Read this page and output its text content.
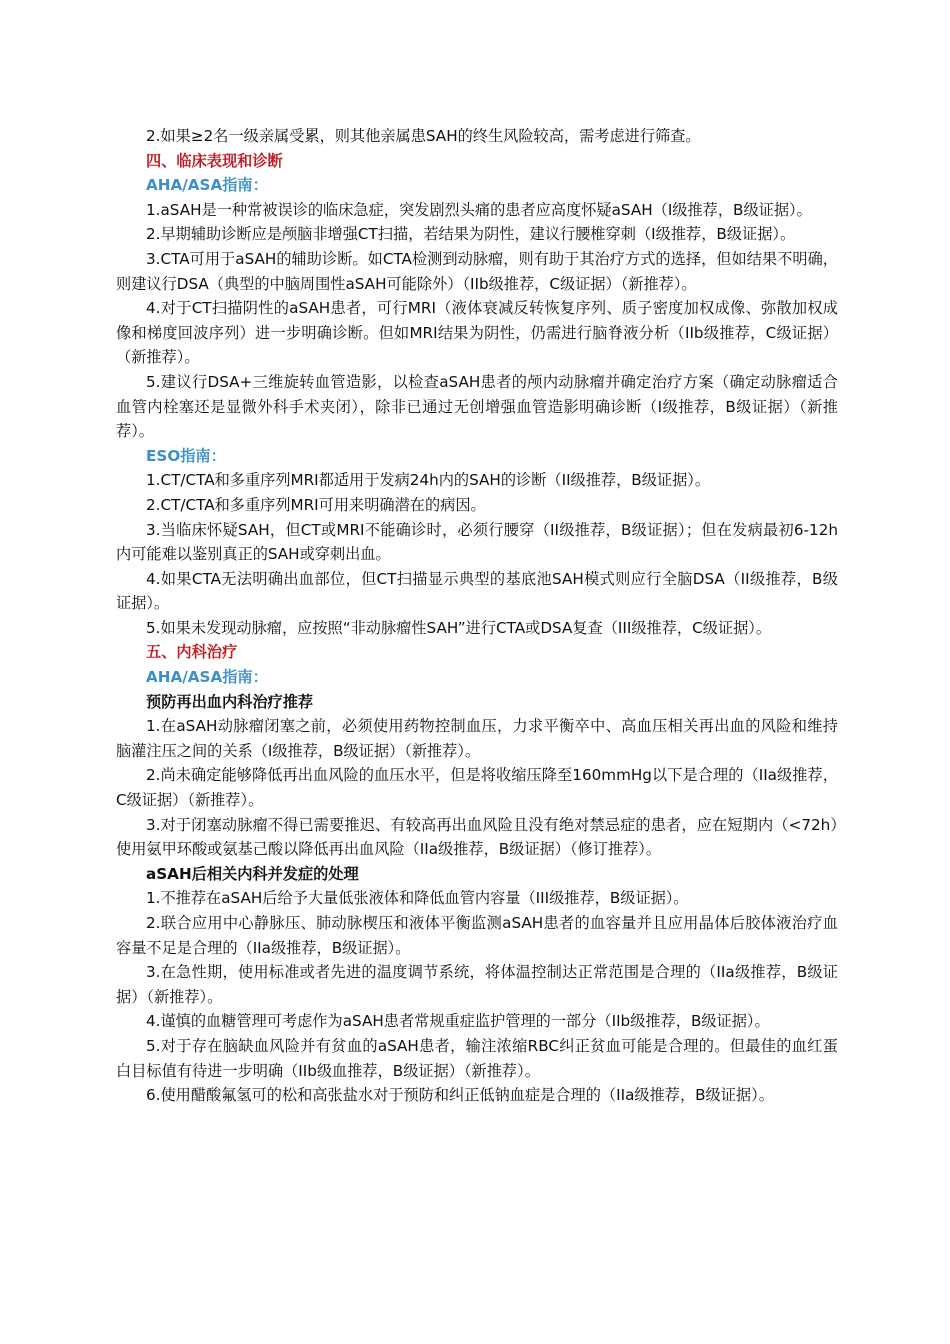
2.如果≥2名一级亲属受累，则其他亲属患SAH的终生风险较高，需考虑进行筛查。

四、临床表现和诊断

AHA/ASA指南：

1.aSAH是一种常被误诊的临床急症，突发剧烈头痛的患者应高度怀疑aSAH（I级推荐，B级证据）。

2.早期辅助诊断应是颅脑非增强CT扫描，若结果为阴性，建议行腰椎穿刺（I级推荐，B级证据）。

3.CTA可用于aSAH的辅助诊断。如CTA检测到动脉瘤，则有助于其治疗方式的选择，但如结果不明确，则建议行DSA（典型的中脑周围性aSAH可能除外）（IIb级推荐，C级证据）（新推荐）。

4.对于CT扫描阴性的aSAH患者，可行MRI（液体衰减反转恢复序列、质子密度加权成像、弥散加权成像和梯度回波序列）进一步明确诊断。但如MRI结果为阴性，仍需进行脑脊液分析（IIb级推荐，C级证据）（新推荐）。

5.建议行DSA+三维旋转血管造影，以检查aSAH患者的颅内动脉瘤并确定治疗方案（确定动脉瘤适合血管内栓塞还是显微外科手术夹闭），除非已通过无创增强血管造影明确诊断（I级推荐，B级证据）（新推荐）。

ESO指南：

1.CT/CTA和多重序列MRI都适用于发病24h内的SAH的诊断（II级推荐，B级证据）。

2.CT/CTA和多重序列MRI可用来明确潜在的病因。

3.当临床怀疑SAH，但CT或MRI不能确诊时，必须行腰穿（II级推荐，B级证据）；但在发病最初6-12h内可能难以鉴别真正的SAH或穿刺出血。

4.如果CTA无法明确出血部位，但CT扫描显示典型的基底池SAH模式则应行全脑DSA（II级推荐，B级证据）。

5.如果未发现动脉瘤，应按照“非动脉瘤性SAH”进行CTA或DSA复查（III级推荐，C级证据）。

五、内科治疗

AHA/ASA指南：

预防再出血内科治疗推荐

1.在aSAH动脉瘤闭塞之前，必须使用药物控制血压，力求平衡卒中、高血压相关再出血的风险和维持脑灌注压之间的关系（I级推荐，B级证据）（新推荐）。

2.尚未确定能够降低再出血风险的血压水平，但是将收缩压降至160mmHg以下是合理的（IIa级推荐，C级证据）（新推荐）。

3.对于闭塞动脉瘤不得已需要推迟、有较高再出血风险且没有绝对禁忌症的患者，应在短期内（<72h）使用氨甲环酸或氨基己酸以降低再出血风险（IIa级推荐，B级证据）（修订推荐）。

aSAH后相关内科并发症的处理

1.不推荐在aSAH后给予大量低张液体和降低血管内容量（III级推荐，B级证据）。

2.联合应用中心静脉压、肺动脉楔压和液体平衡监测aSAH患者的血容量并且应用晶体后胶体液治疗血容量不足是合理的（IIa级推荐，B级证据）。

3.在急性期，使用标准或者先进的温度调节系统，将体温控制达正常范围是合理的（IIa级推荐，B级证据）（新推荐）。

4.谨慎的血糖管理可考虑作为aSAH患者常规重症监护管理的一部分（IIb级推荐，B级证据）。

5.对于存在脑缺血风险并有贫血的aSAH患者，输注浓缩RBC纠正贫血可能是合理的。但最佳的血红蛋白目标值有待进一步明确（IIb级血推荐，B级证据）（新推荐）。

6.使用醋酸氟氢可的松和高张盐水对于预防和纠正低钠血症是合理的（IIa级推荐，B级证据）。
